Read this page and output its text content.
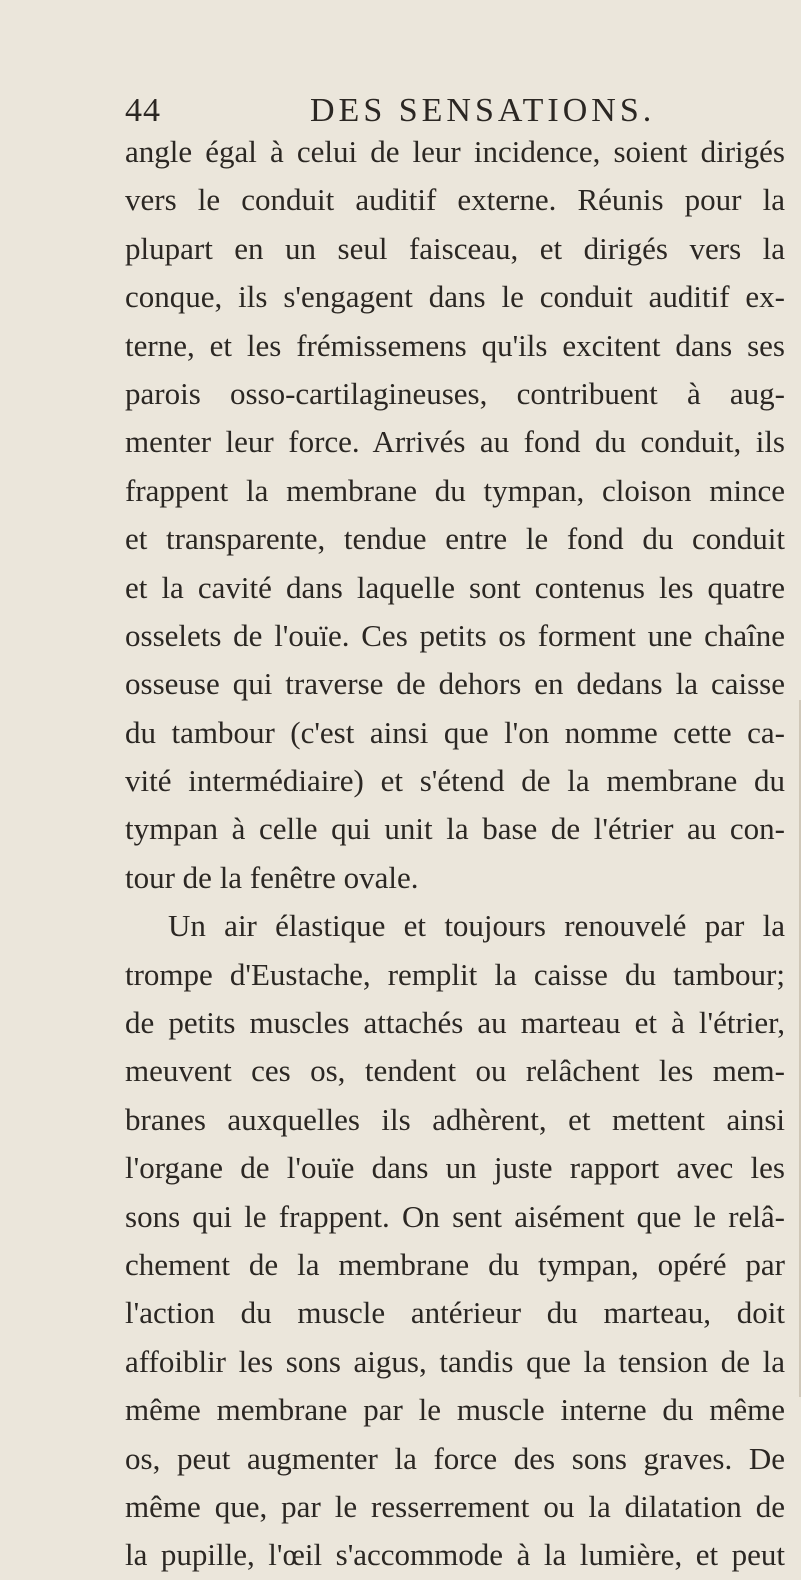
44	DES SENSATIONS.
angle égal à celui de leur incidence, soient dirigés
vers le conduit auditif externe. Réunis pour la
plupart en un seul faisceau, et dirigés vers la
conque, ils s'engagent dans le conduit auditif ex-
terne, et les frémissemens qu'ils excitent dans ses
parois osso-cartilagineuses, contribuent à aug-
menter leur force. Arrivés au fond du conduit, ils
frappent la membrane du tympan, cloison mince
et transparente, tendue entre le fond du conduit
et la cavité dans laquelle sont contenus les quatre
osselets de l'ouïe. Ces petits os forment une chaîne
osseuse qui traverse de dehors en dedans la caisse
du tambour (c'est ainsi que l'on nomme cette ca-
vité intermédiaire) et s'étend de la membrane du
tympan à celle qui unit la base de l'étrier au con-
tour de la fenêtre ovale.
Un air élastique et toujours renouvelé par la
trompe d'Eustache, remplit la caisse du tambour;
de petits muscles attachés au marteau et à l'étrier,
meuvent ces os, tendent ou relâchent les mem-
branes auxquelles ils adhèrent, et mettent ainsi
l'organe de l'ouïe dans un juste rapport avec les
sons qui le frappent. On sent aisément que le relâ-
chement de la membrane du tympan, opéré par
l'action du muscle antérieur du marteau, doit
affoiblir les sons aigus, tandis que la tension de la
même membrane par le muscle interne du même
os, peut augmenter la force des sons graves. De
même que, par le resserrement ou la dilatation de
la pupille, l'œil s'accommode à la lumière, et peut
